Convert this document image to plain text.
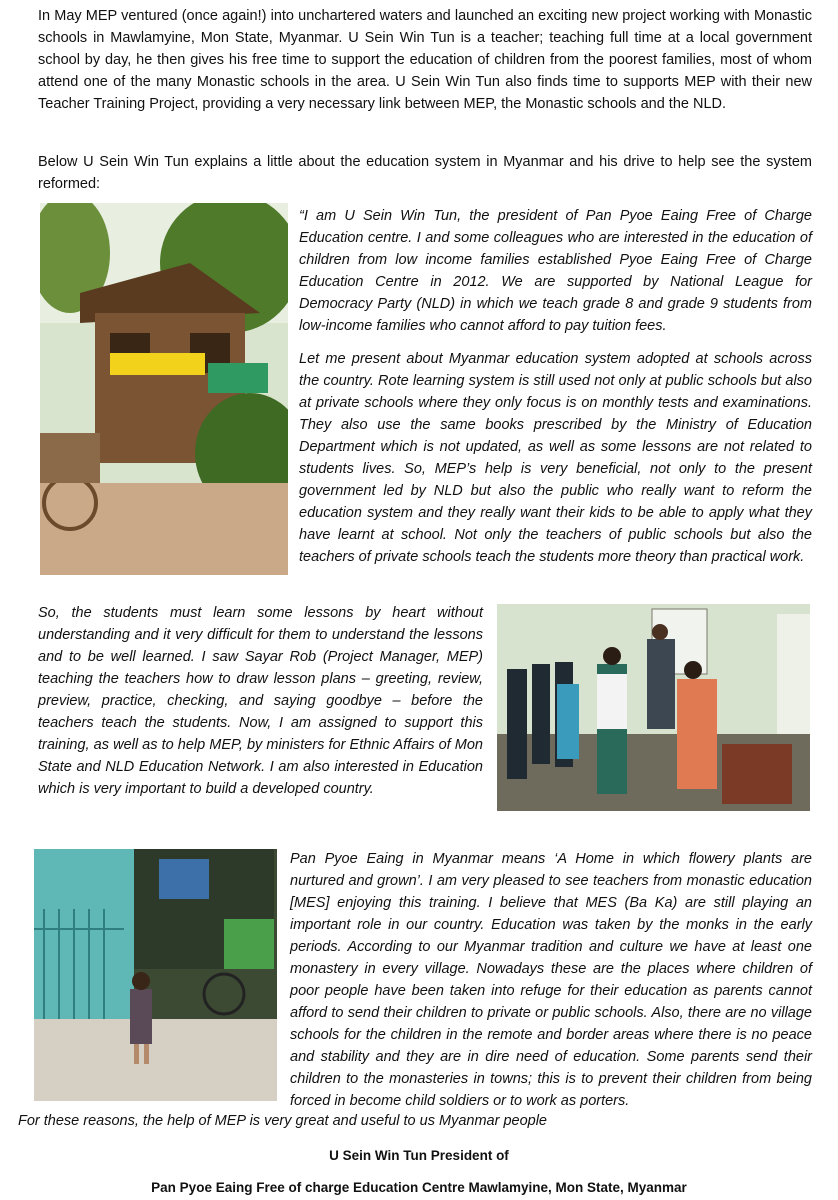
In May MEP ventured (once again!) into unchartered waters and launched an exciting new project working with Monastic schools in Mawlamyine, Mon State, Myanmar. U Sein Win Tun is a teacher; teaching full time at a local government school by day, he then gives his free time to support the education of children from the poorest families, most of whom attend one of the many Monastic schools in the area. U Sein Win Tun also finds time to supports MEP with their new Teacher Training Project, providing a very necessary link between MEP, the Monastic schools and the NLD.

Below U Sein Win Tun explains a little about the education system in Myanmar and his drive to help see the system reformed:

“I am U Sein Win Tun, the president of Pan Pyoe Eaing Free of Charge Education centre. I and some colleagues who are interested in the education of children from low income families established Pyoe Eaing Free of Charge Education Centre in 2012. We are supported by National League for Democracy Party (NLD) in which we teach grade 8 and grade 9 students from low-income families who cannot afford to pay tuition fees.

Let me present about Myanmar education system adopted at schools across the country. Rote learning system is still used not only at public schools but also at private schools where they only focus is on monthly tests and examinations. They also use the same books prescribed by the Ministry of Education Department which is not updated, as well as some lessons are not related to students lives. So, MEP’s help is very beneficial, not only to the present government led by NLD but also the public who really want to reform the education system and they really want their kids to be able to apply what they have learnt at school. Not only the teachers of public schools but also the teachers of private schools teach the students more theory than practical work.

So, the students must learn some lessons by heart without understanding and it very difficult for them to understand the lessons and to be well learned. I saw Sayar Rob (Project Manager, MEP) teaching the teachers how to draw lesson plans – greeting, review, preview, practice, checking, and saying goodbye – before the teachers teach the students. Now, I am assigned to support this training, as well as to help MEP, by ministers for Ethnic Affairs of Mon State and NLD Education Network. I am also interested in Education which is very important to build a developed country.

Pan Pyoe Eaing in Myanmar means ‘A Home in which flowery plants are nurtured and grown’. I am very pleased to see teachers from monastic education [MES] enjoying this training. I believe that MES (Ba Ka) are still playing an important role in our country. Education was taken by the monks in the early periods. According to our Myanmar tradition and culture we have at least one monastery in every village. Nowadays these are the places where children of poor people have been taken into refuge for their education as parents cannot afford to send their children to private or public schools. Also, there are no village schools for the children in the remote and border areas where there is no peace and stability and they are in dire need of education. Some parents send their children to the monasteries in towns; this is to prevent their children from being forced in become child soldiers or to work as porters.

For these reasons, the help of MEP is very great and useful to us Myanmar people

U Sein Win Tun President of
Pan Pyoe Eaing Free of charge Education Centre Mawlamyine, Mon State, Myanmar
